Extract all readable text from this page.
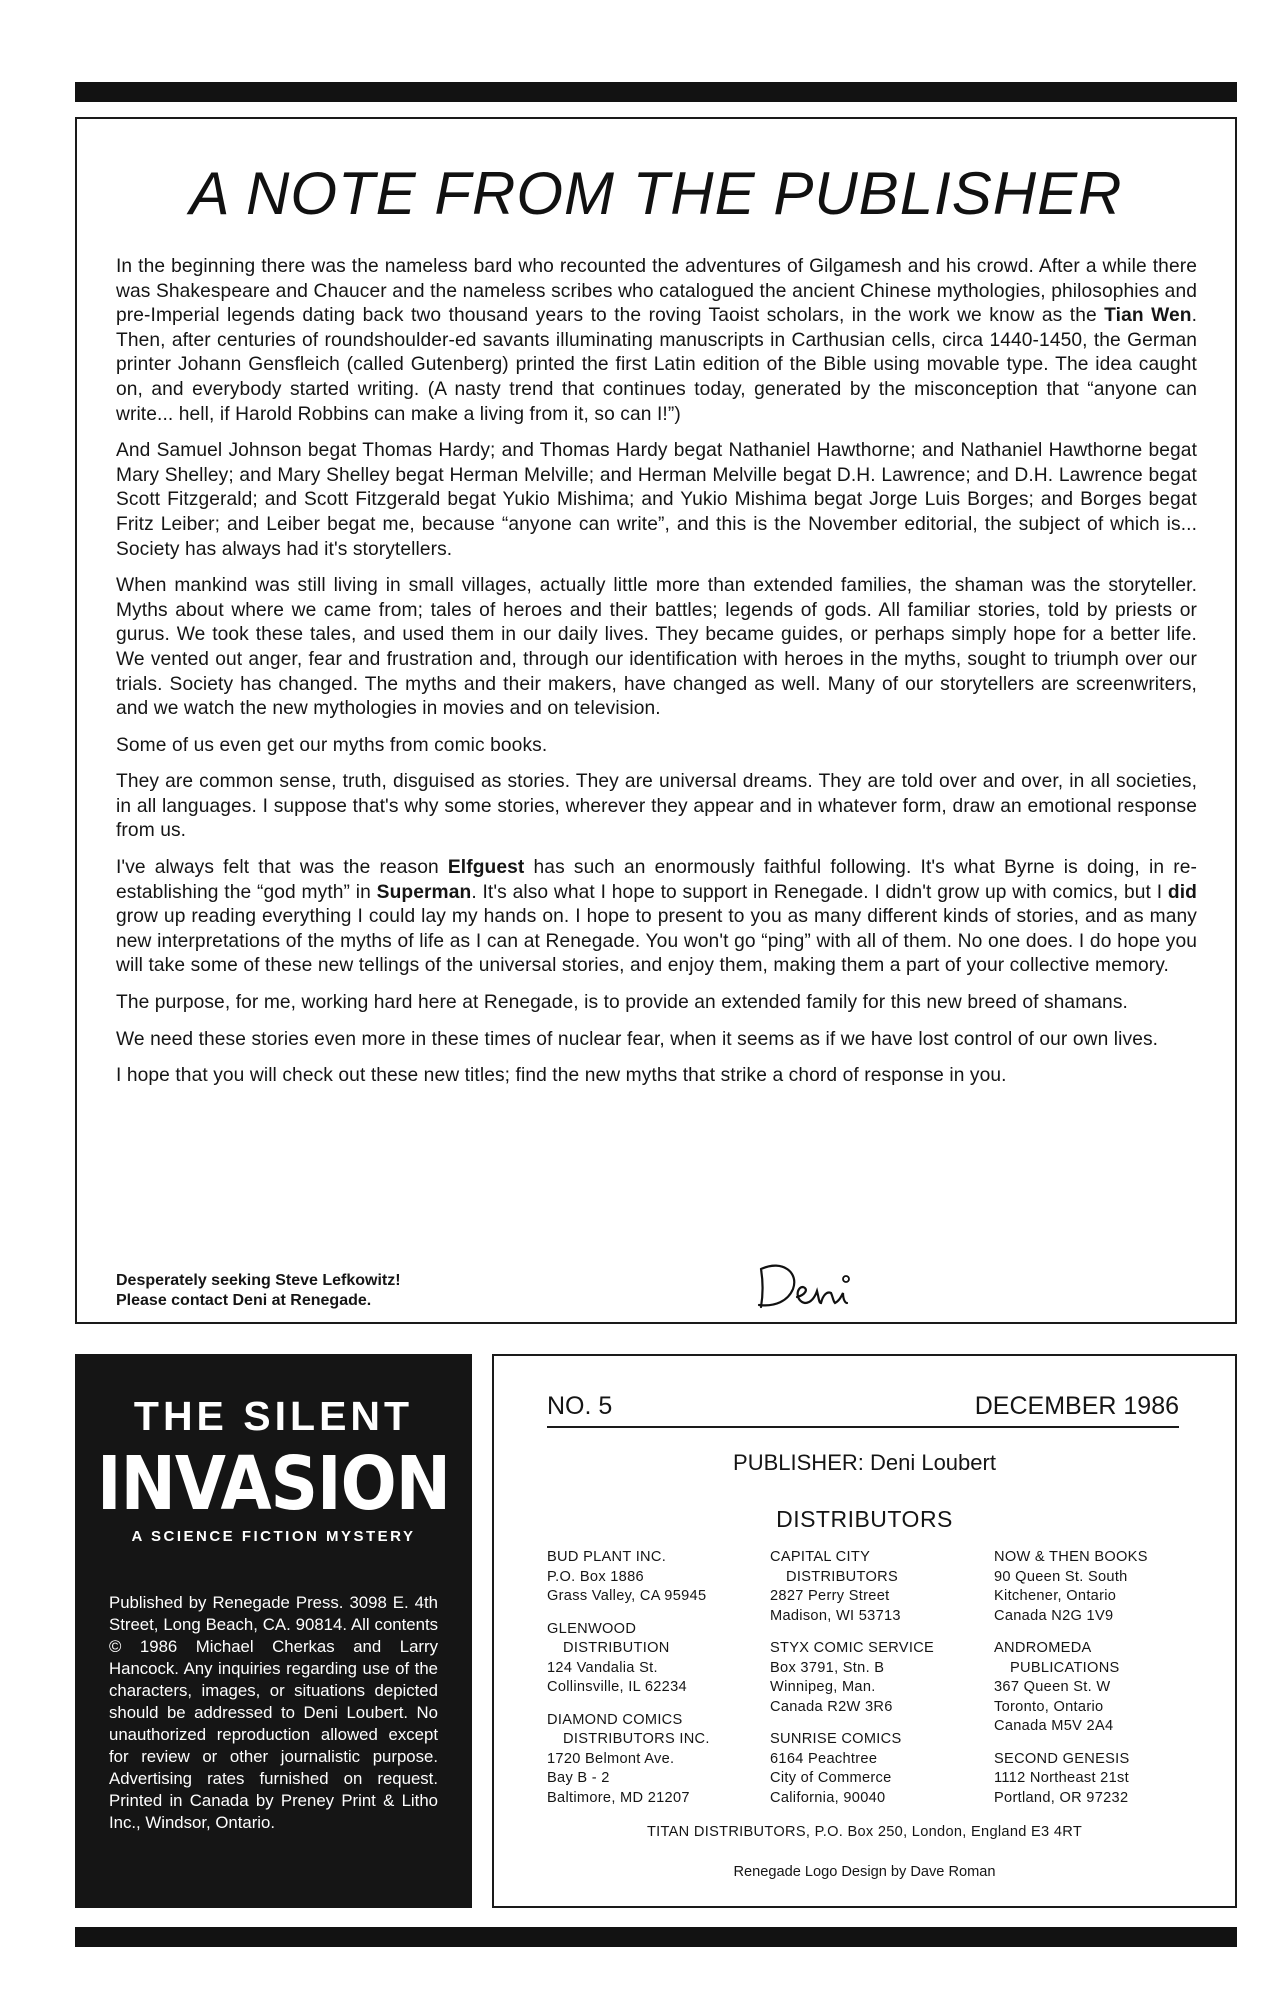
A NOTE FROM THE PUBLISHER

In the beginning there was the nameless bard who recounted the adventures of Gilgamesh and his crowd. After a while there was Shakespeare and Chaucer and the nameless scribes who catalogued the ancient Chinese mythologies, philosophies and pre-Imperial legends dating back two thousand years to the roving Taoist scholars, in the work we know as the Tian Wen. Then, after centuries of roundshoulder-ed savants illuminating manuscripts in Carthusian cells, circa 1440-1450, the German printer Johann Gensfleich (called Gutenberg) printed the first Latin edition of the Bible using movable type. The idea caught on, and everybody started writing. (A nasty trend that continues today, generated by the misconception that “anyone can write... hell, if Harold Robbins can make a living from it, so can I!”)

And Samuel Johnson begat Thomas Hardy; and Thomas Hardy begat Nathaniel Hawthorne; and Nathaniel Hawthorne begat Mary Shelley; and Mary Shelley begat Herman Melville; and Herman Melville begat D.H. Lawrence; and D.H. Lawrence begat Scott Fitzgerald; and Scott Fitzgerald begat Yukio Mishima; and Yukio Mishima begat Jorge Luis Borges; and Borges begat Fritz Leiber; and Leiber begat me, because “anyone can write”, and this is the November editorial, the subject of which is... Society has always had it's storytellers.

When mankind was still living in small villages, actually little more than extended families, the shaman was the storyteller. Myths about where we came from; tales of heroes and their battles; legends of gods. All familiar stories, told by priests or gurus. We took these tales, and used them in our daily lives. They became guides, or perhaps simply hope for a better life. We vented out anger, fear and frustration and, through our identification with heroes in the myths, sought to triumph over our trials. Society has changed. The myths and their makers, have changed as well. Many of our storytellers are screenwriters, and we watch the new mythologies in movies and on television.

Some of us even get our myths from comic books.

They are common sense, truth, disguised as stories. They are universal dreams. They are told over and over, in all societies, in all languages. I suppose that's why some stories, wherever they appear and in whatever form, draw an emotional response from us.

I've always felt that was the reason Elfguest has such an enormously faithful following. It's what Byrne is doing, in re-establishing the “god myth” in Superman. It's also what I hope to support in Renegade. I didn't grow up with comics, but I did grow up reading everything I could lay my hands on. I hope to present to you as many different kinds of stories, and as many new interpretations of the myths of life as I can at Renegade. You won't go “ping” with all of them. No one does. I do hope you will take some of these new tellings of the universal stories, and enjoy them, making them a part of your collective memory.

The purpose, for me, working hard here at Renegade, is to provide an extended family for this new breed of shamans.

We need these stories even more in these times of nuclear fear, when it seems as if we have lost control of our own lives.

I hope that you will check out these new titles; find the new myths that strike a chord of response in you.

Desperately seeking Steve Lefkowitz!
Please contact Deni at Renegade.
THE SILENT
INVASION
A SCIENCE FICTION MYSTERY
Published by Renegade Press. 3098 E. 4th Street, Long Beach, CA. 90814. All contents © 1986 Michael Cherkas and Larry Hancock. Any inquiries regarding use of the characters, images, or situations depicted should be addressed to Deni Loubert. No unauthorized reproduction allowed except for review or other journalistic purpose. Advertising rates furnished on request. Printed in Canada by Preney Print & Litho Inc., Windsor, Ontario.
NO. 5	DECEMBER 1986
PUBLISHER: Deni Loubert
DISTRIBUTORS
BUD PLANT INC.
P.O. Box 1886
Grass Valley, CA 95945
GLENWOOD
DISTRIBUTION
124 Vandalia St.
Collinsville, IL 62234
DIAMOND COMICS
DISTRIBUTORS INC.
1720 Belmont Ave.
Bay B - 2
Baltimore, MD 21207
CAPITAL CITY
DISTRIBUTORS
2827 Perry Street
Madison, WI 53713
STYX COMIC SERVICE
Box 3791, Stn. B
Winnipeg, Man.
Canada R2W 3R6
SUNRISE COMICS
6164 Peachtree
City of Commerce
California, 90040
NOW & THEN BOOKS
90 Queen St. South
Kitchener, Ontario
Canada N2G 1V9
ANDROMEDA
PUBLICATIONS
367 Queen St. W
Toronto, Ontario
Canada M5V 2A4
SECOND GENESIS
1112 Northeast 21st
Portland, OR 97232
TITAN DISTRIBUTORS, P.O. Box 250, London, England E3 4RT
Renegade Logo Design by Dave Roman
